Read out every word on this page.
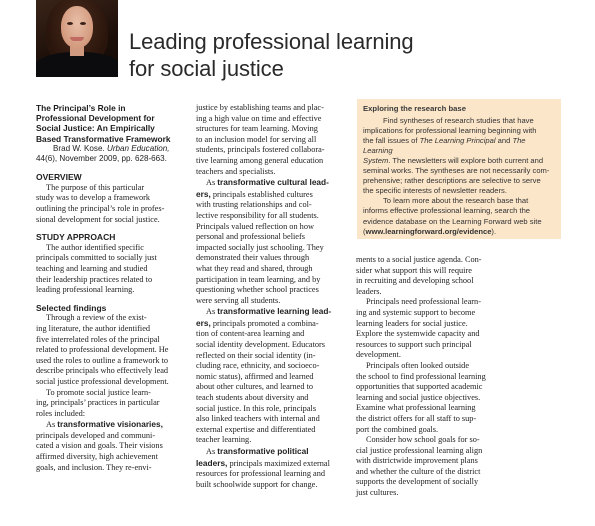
Leading professional learning
for social justice
The Principal’s Role in
Professional Development for
Social Justice: An Empirically
Based Transformative Framework

Brad W. Kose. Urban Education,
44(6), November 2009, pp. 628-663.

OVERVIEW

The purpose of this particular
study was to develop a framework
outlining the principal’s role in profes-
sional development for social justice.

STUDY APPROACH

The author identified specific
principals committed to socially just
teaching and learning and studied
their leadership practices related to
leading professional learning.

Selected findings

Through a review of the exist-
ing literature, the author identified
five interrelated roles of the principal
related to professional development. He
used the roles to outline a framework to
describe principals who effectively lead
social justice professional development.
To promote social justice learn-
ing, principals’ practices in particular
roles included:
As transformative visionaries,
principals developed and communi-
cated a vision and goals. Their visions
affirmed diversity, high achievement
goals, and inclusion. They re-envi-
justice by establishing teams and plac-
ing a high value on time and effective
structures for team learning. Moving
to an inclusion model for serving all
students, principals fostered collabora-
tive learning among general education
teachers and specialists.
As transformative cultural lead-
ers, principals established cultures
with trusting relationships and col-
lective responsibility for all students.
Principals valued reflection on how
personal and professional beliefs
impacted socially just schooling. They
demonstrated their values through
what they read and shared, through
participation in team learning, and by
questioning whether school practices
were serving all students.
As transformative learning lead-
ers, principals promoted a combina-
tion of content-area learning and
social identity development. Educators
reflected on their social identity (in-
cluding race, ethnicity, and socioeco-
nomic status), affirmed and learned
about other cultures, and learned to
teach students about diversity and
social justice. In this role, principals
also linked teachers with internal and
external expertise and differentiated
teacher learning.
As transformative political
leaders, principals maximized external
resources for professional learning and
built schoolwide support for change.

Exploring the research base

Find syntheses of research studies that have

implications for professional learning beginning with

the fall issues of The Learning Principal and The Learning

System. The newsletters will explore both current and

seminal works. The syntheses are not necessarily com-

prehensive; rather descriptions are selective to serve

the specific interests of newsletter readers.

To learn more about the research base that

informs effective professional learning, search the

evidence database on the Learning Forward web site

(www.learningforward.org/evidence).

ments to a social justice agenda. Con-
sider what support this will require
in recruiting and developing school
leaders.
Principals need professional learn-
ing and systemic support to become
learning leaders for social justice.
Explore the systemwide capacity and
resources to support such principal
development.
Principals often looked outside
the school to find professional learning
opportunities that supported academic
learning and social justice objectives.
Examine what professional learning
the district offers for all staff to sup-
port the combined goals.
Consider how school goals for so-
cial justice professional learning align
with districtwide improvement plans
and whether the culture of the district
supports the development of socially
just cultures.
